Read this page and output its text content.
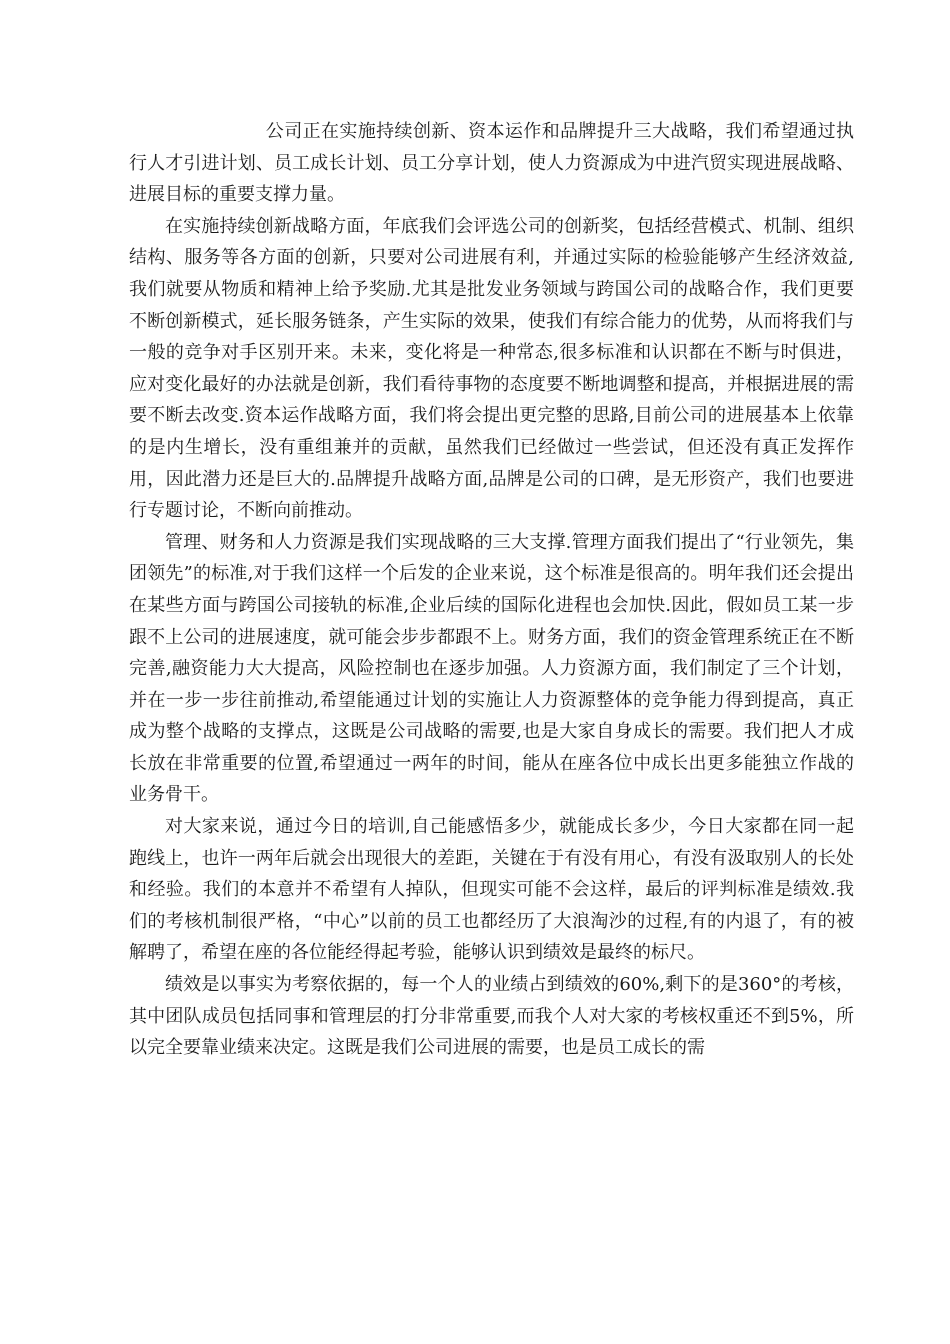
公司正在实施持续创新、资本运作和品牌提升三大战略，我们希望通过执行人才引进计划、员工成长计划、员工分享计划，使人力资源成为中进汽贸实现进展战略、进展目标的重要支撑力量。

在实施持续创新战略方面，年底我们会评选公司的创新奖，包括经营模式、机制、组织结构、服务等各方面的创新，只要对公司进展有利，并通过实际的检验能够产生经济效益,我们就要从物质和精神上给予奖励.尤其是批发业务领域与跨国公司的战略合作，我们更要不断创新模式，延长服务链条，产生实际的效果，使我们有综合能力的优势，从而将我们与一般的竞争对手区别开来。未来，变化将是一种常态,很多标准和认识都在不断与时俱进，应对变化最好的办法就是创新，我们看待事物的态度要不断地调整和提高，并根据进展的需要不断去改变.资本运作战略方面，我们将会提出更完整的思路,目前公司的进展基本上依靠的是内生增长，没有重组兼并的贡献，虽然我们已经做过一些尝试，但还没有真正发挥作用，因此潜力还是巨大的.品牌提升战略方面,品牌是公司的口碑，是无形资产，我们也要进行专题讨论，不断向前推动。

管理、财务和人力资源是我们实现战略的三大支撑.管理方面我们提出了“行业领先，集团领先”的标准,对于我们这样一个后发的企业来说，这个标准是很高的。明年我们还会提出在某些方面与跨国公司接轨的标准,企业后续的国际化进程也会加快.因此，假如员工某一步跟不上公司的进展速度，就可能会步步都跟不上。财务方面，我们的资金管理系统正在不断完善,融资能力大大提高，风险控制也在逐步加强。人力资源方面，我们制定了三个计划，并在一步一步往前推动,希望能通过计划的实施让人力资源整体的竞争能力得到提高，真正成为整个战略的支撑点，这既是公司战略的需要,也是大家自身成长的需要。我们把人才成长放在非常重要的位置,希望通过一两年的时间，能从在座各位中成长出更多能独立作战的业务骨干。

对大家来说，通过今日的培训,自己能感悟多少，就能成长多少，今日大家都在同一起跑线上，也许一两年后就会出现很大的差距，关键在于有没有用心，有没有汲取别人的长处和经验。我们的本意并不希望有人掉队，但现实可能不会这样，最后的评判标准是绩效.我们的考核机制很严格，“中心”以前的员工也都经历了大浪淘沙的过程,有的内退了，有的被解聘了，希望在座的各位能经得起考验，能够认识到绩效是最终的标尺。

绩效是以事实为考察依据的，每一个人的业绩占到绩效的60%,剩下的是360°的考核，其中团队成员包括同事和管理层的打分非常重要,而我个人对大家的考核权重还不到5%，所以完全要靠业绩来决定。这既是我们公司进展的需要，也是员工成长的需
